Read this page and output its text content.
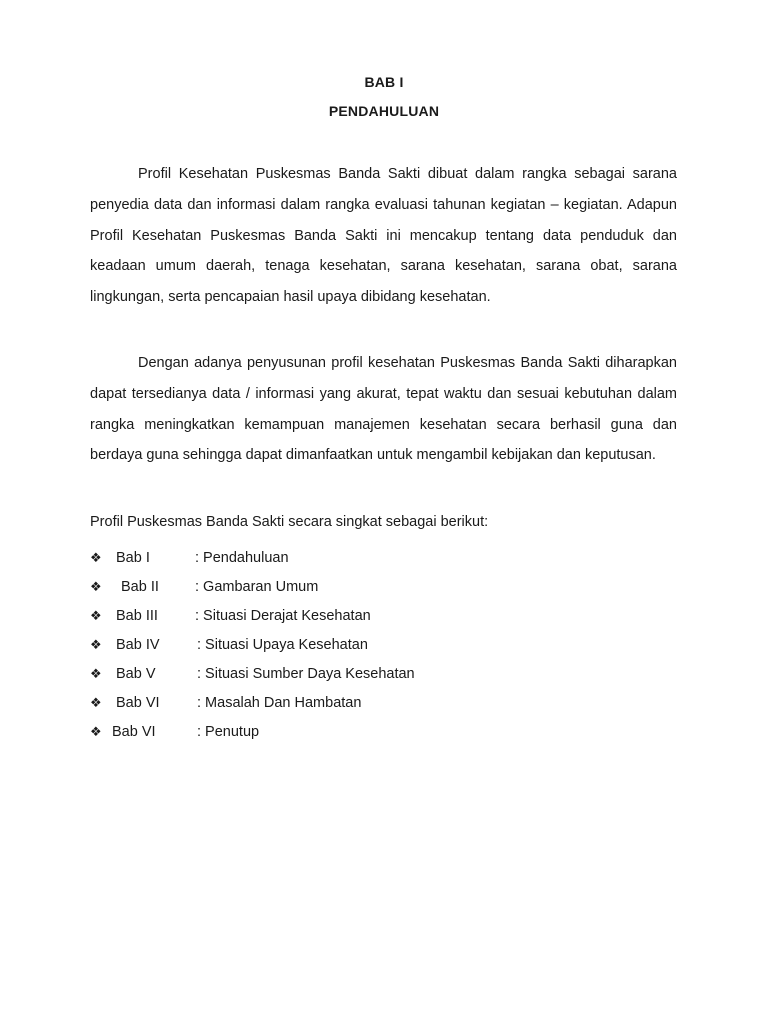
BAB I
PENDAHULUAN

Profil Kesehatan Puskesmas Banda Sakti dibuat dalam rangka sebagai sarana penyedia data dan informasi dalam rangka evaluasi tahunan kegiatan – kegiatan. Adapun Profil Kesehatan Puskesmas Banda Sakti ini mencakup tentang data penduduk dan keadaan umum daerah, tenaga kesehatan, sarana kesehatan, sarana obat, sarana lingkungan, serta pencapaian hasil upaya dibidang kesehatan.

Dengan adanya penyusunan profil kesehatan Puskesmas Banda Sakti diharapkan dapat tersedianya data / informasi yang akurat, tepat waktu dan sesuai kebutuhan dalam rangka meningkatkan kemampuan manajemen kesehatan secara berhasil guna dan berdaya guna sehingga dapat dimanfaatkan untuk mengambil kebijakan dan keputusan.

Profil Puskesmas Banda Sakti secara singkat sebagai berikut:
❖ Bab I	: Pendahuluan
❖ Bab II : Gambaran Umum
❖ Bab III	: Situasi Derajat Kesehatan
❖ Bab IV	: Situasi Upaya Kesehatan
❖ Bab V	: Situasi Sumber Daya Kesehatan
❖ Bab VI	: Masalah Dan Hambatan
❖ Bab VI	: Penutup
